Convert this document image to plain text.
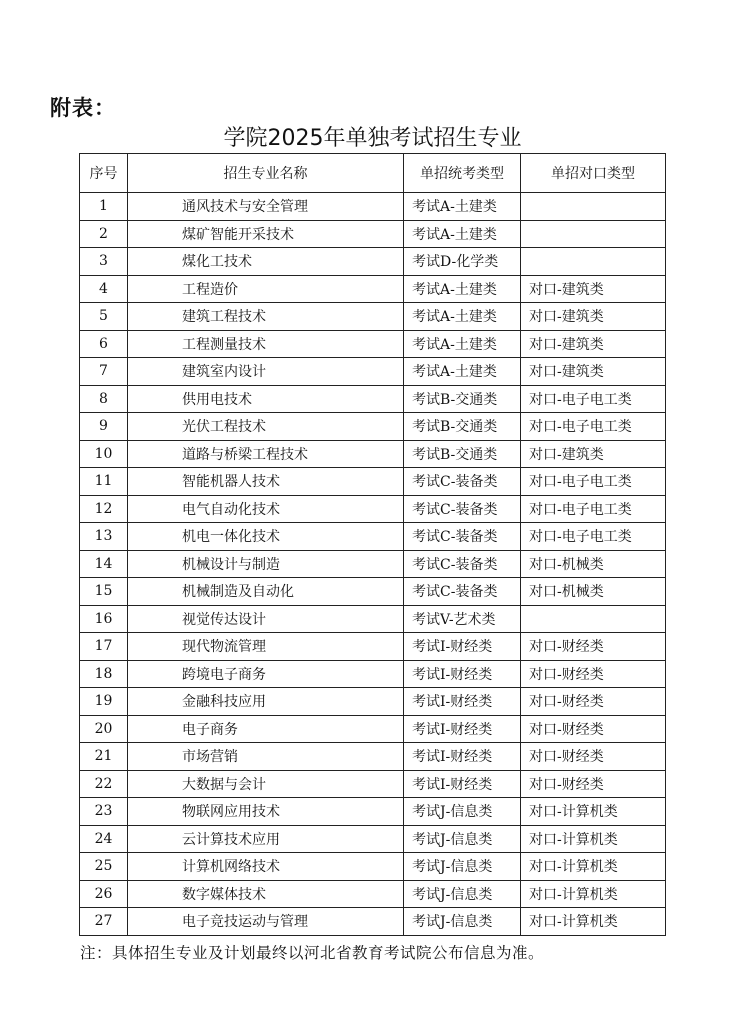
附表：
学院2025年单独考试招生专业
序号	招生专业名称	单招统考类型	单招对口类型
1	通风技术与安全管理	考试A-土建类	
2	煤矿智能开采技术	考试A-土建类	
3	煤化工技术	考试D-化学类	
4	工程造价	考试A-土建类	对口-建筑类
5	建筑工程技术	考试A-土建类	对口-建筑类
6	工程测量技术	考试A-土建类	对口-建筑类
7	建筑室内设计	考试A-土建类	对口-建筑类
8	供用电技术	考试B-交通类	对口-电子电工类
9	光伏工程技术	考试B-交通类	对口-电子电工类
10	道路与桥梁工程技术	考试B-交通类	对口-建筑类
11	智能机器人技术	考试C-装备类	对口-电子电工类
12	电气自动化技术	考试C-装备类	对口-电子电工类
13	机电一体化技术	考试C-装备类	对口-电子电工类
14	机械设计与制造	考试C-装备类	对口-机械类
15	机械制造及自动化	考试C-装备类	对口-机械类
16	视觉传达设计	考试V-艺术类	
17	现代物流管理	考试I-财经类	对口-财经类
18	跨境电子商务	考试I-财经类	对口-财经类
19	金融科技应用	考试I-财经类	对口-财经类
20	电子商务	考试I-财经类	对口-财经类
21	市场营销	考试I-财经类	对口-财经类
22	大数据与会计	考试I-财经类	对口-财经类
23	物联网应用技术	考试J-信息类	对口-计算机类
24	云计算技术应用	考试J-信息类	对口-计算机类
25	计算机网络技术	考试J-信息类	对口-计算机类
26	数字媒体技术	考试J-信息类	对口-计算机类
27	电子竞技运动与管理	考试J-信息类	对口-计算机类
注：具体招生专业及计划最终以河北省教育考试院公布信息为准。
